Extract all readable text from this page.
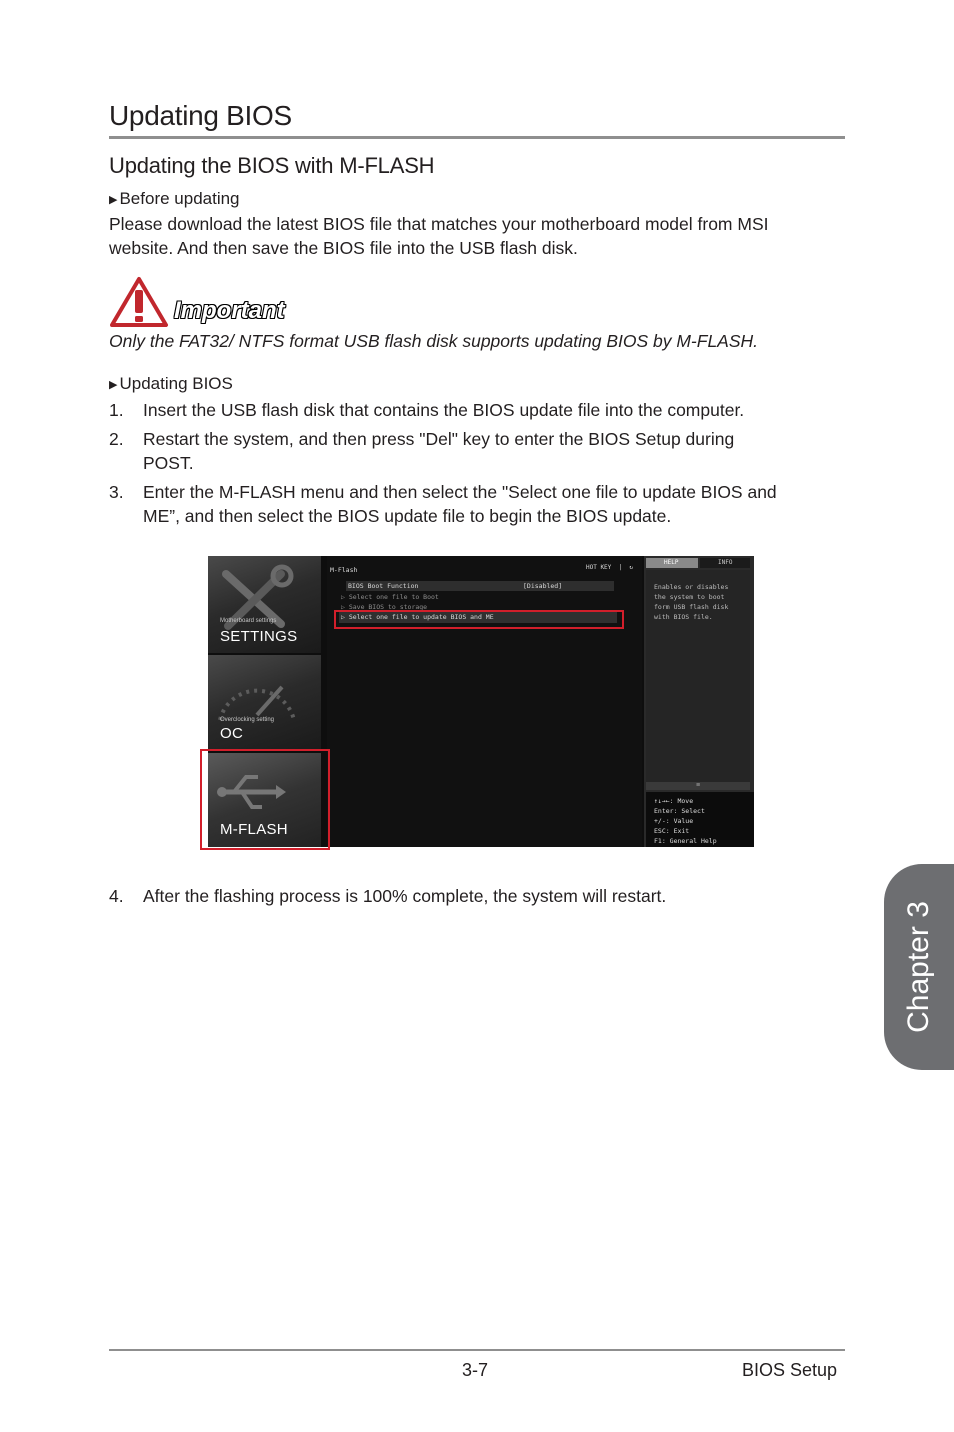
Updating BIOS
Updating the BIOS with M-FLASH
▶ Before updating
Please download the latest BIOS file that matches your motherboard model from MSI
website. And then save the BIOS file into the USB flash disk.
Important
Only the FAT32/ NTFS format USB flash disk supports updating BIOS by M-FLASH.
▶ Updating BIOS
1. Insert the USB flash disk that contains the BIOS update file into the computer.
2. Restart the system, and then press "Del" key to enter the BIOS Setup during
POST.
3. Enter the M-FLASH menu and then select the "Select one file to update BIOS and
ME”, and then select the BIOS update file to begin the BIOS update.
Motherboard settings
SETTINGS
Overclocking setting
OC
M-FLASH
M-Flash	HOT KEY  |  ↻
BIOS Boot Function	[Disabled]
▷ Select one file to Boot
▷ Save BIOS to storage
▷ Select one file to update BIOS and ME
HELP	INFO
Enables or disables
the system to boot
form USB flash disk
with BIOS file.
≡
↑↓→←: Move
Enter: Select
+/-: Value
ESC: Exit
F1: General Help
4. After the flashing process is 100% complete, the system will restart.
Chapter 3
3-7	BIOS Setup
